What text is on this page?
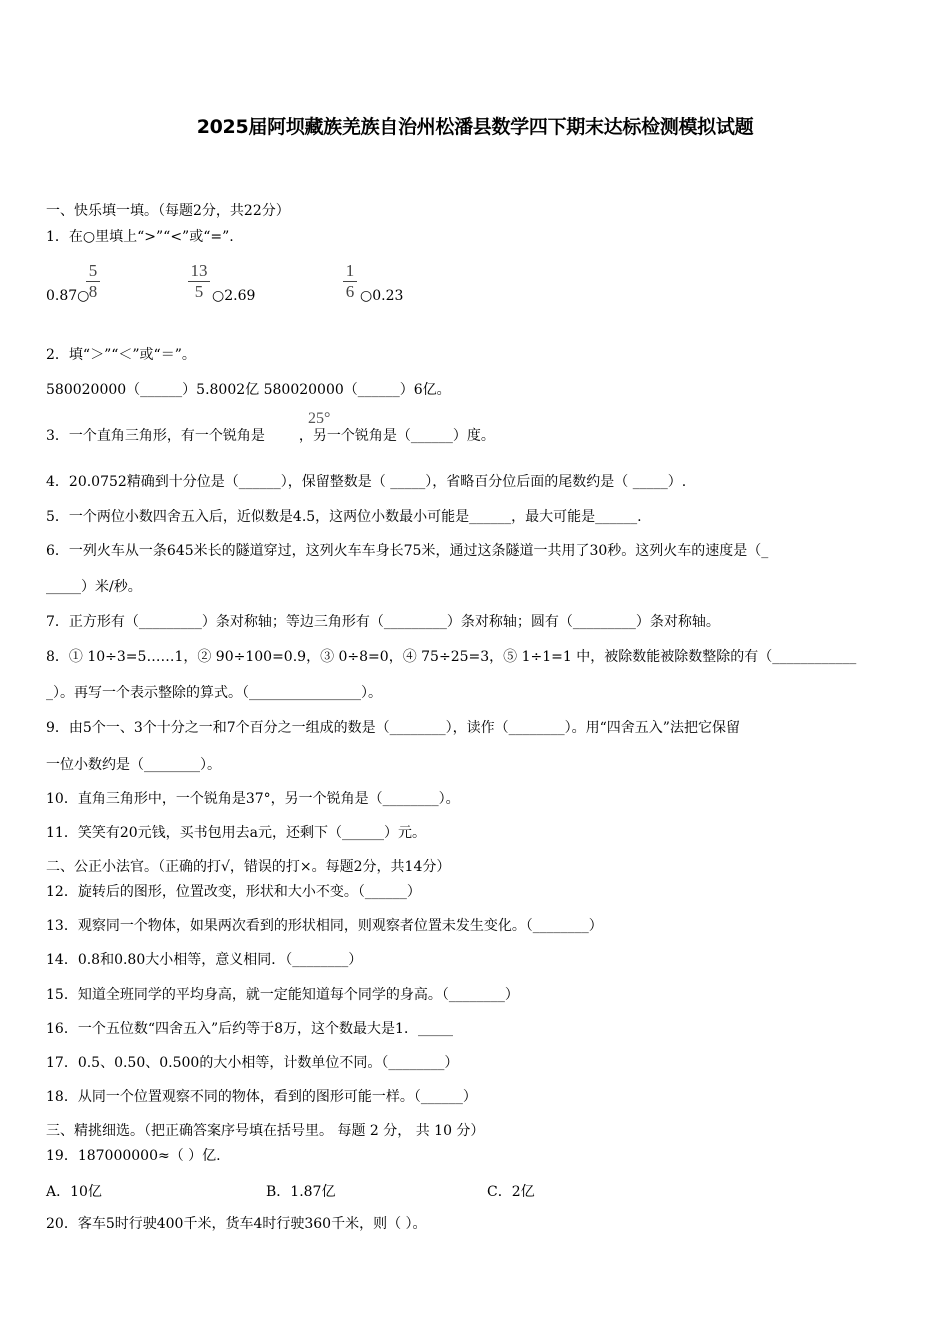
2025届阿坝藏族羌族自治州松潘县数学四下期末达标检测模拟试题
一、快乐填一填。（每题2分，共22分）
1．在○里填上“>”“<”或“=”.
5
8
0.87○
13
5 ○2.69
1
6 ○0.23
2．填“＞”“＜”或“＝”。
580020000（______）5.8002亿 580020000（______）6亿。
3．一个直角三角形，有一个锐角是 ，另一个锐角是（______）度。
25°
4．20.0752精确到十分位是（______），保留整数是（ _____），省略百分位后面的尾数约是（ _____）.
5．一个两位小数四舍五入后，近似数是4.5，这两位小数最小可能是______，最大可能是______.
6．一列火车从一条645米长的隧道穿过，这列火车车身长75米，通过这条隧道一共用了30秒。这列火车的速度是（_
_____）米/秒。
7．正方形有（_________）条对称轴；等边三角形有（_________）条对称轴；圆有（_________）条对称轴。
8．① 10÷3=5……1，② 90÷100=0.9，③ 0÷8=0，④ 75÷25=3，⑤ 1÷1=1 中，被除数能被除数整除的有（____________
_）。再写一个表示整除的算式。（________________）。
9．由5个一、3个十分之一和7个百分之一组成的数是（________），读作（________）。用“四舍五入”法把它保留
一位小数约是（________）。
10．直角三角形中，一个锐角是37°，另一个锐角是（________）。
11．笑笑有20元钱，买书包用去a元，还剩下（______）元。
二、公正小法官。（正确的打√，错误的打×。每题2分，共14分）
12．旋转后的图形，位置改变，形状和大小不变。（______）
13．观察同一个物体，如果两次看到的形状相同，则观察者位置未发生变化。（________）
14．0.8和0.80大小相等，意义相同．（________）
15．知道全班同学的平均身高，就一定能知道每个同学的身高。（________）
16．一个五位数“四舍五入”后约等于8万，这个数最大是1．_____
17．0.5、0.50、0.500的大小相等，计数单位不同。（________）
18．从同一个位置观察不同的物体，看到的图形可能一样。（______）
三、精挑细选。（把正确答案序号填在括号里。 每题 2 分， 共 10 分）
19．187000000≈（ ）亿.
A．10亿	B．1.87亿	C．2亿
20．客车5时行驶400千米，货车4时行驶360千米，则（ ）。
